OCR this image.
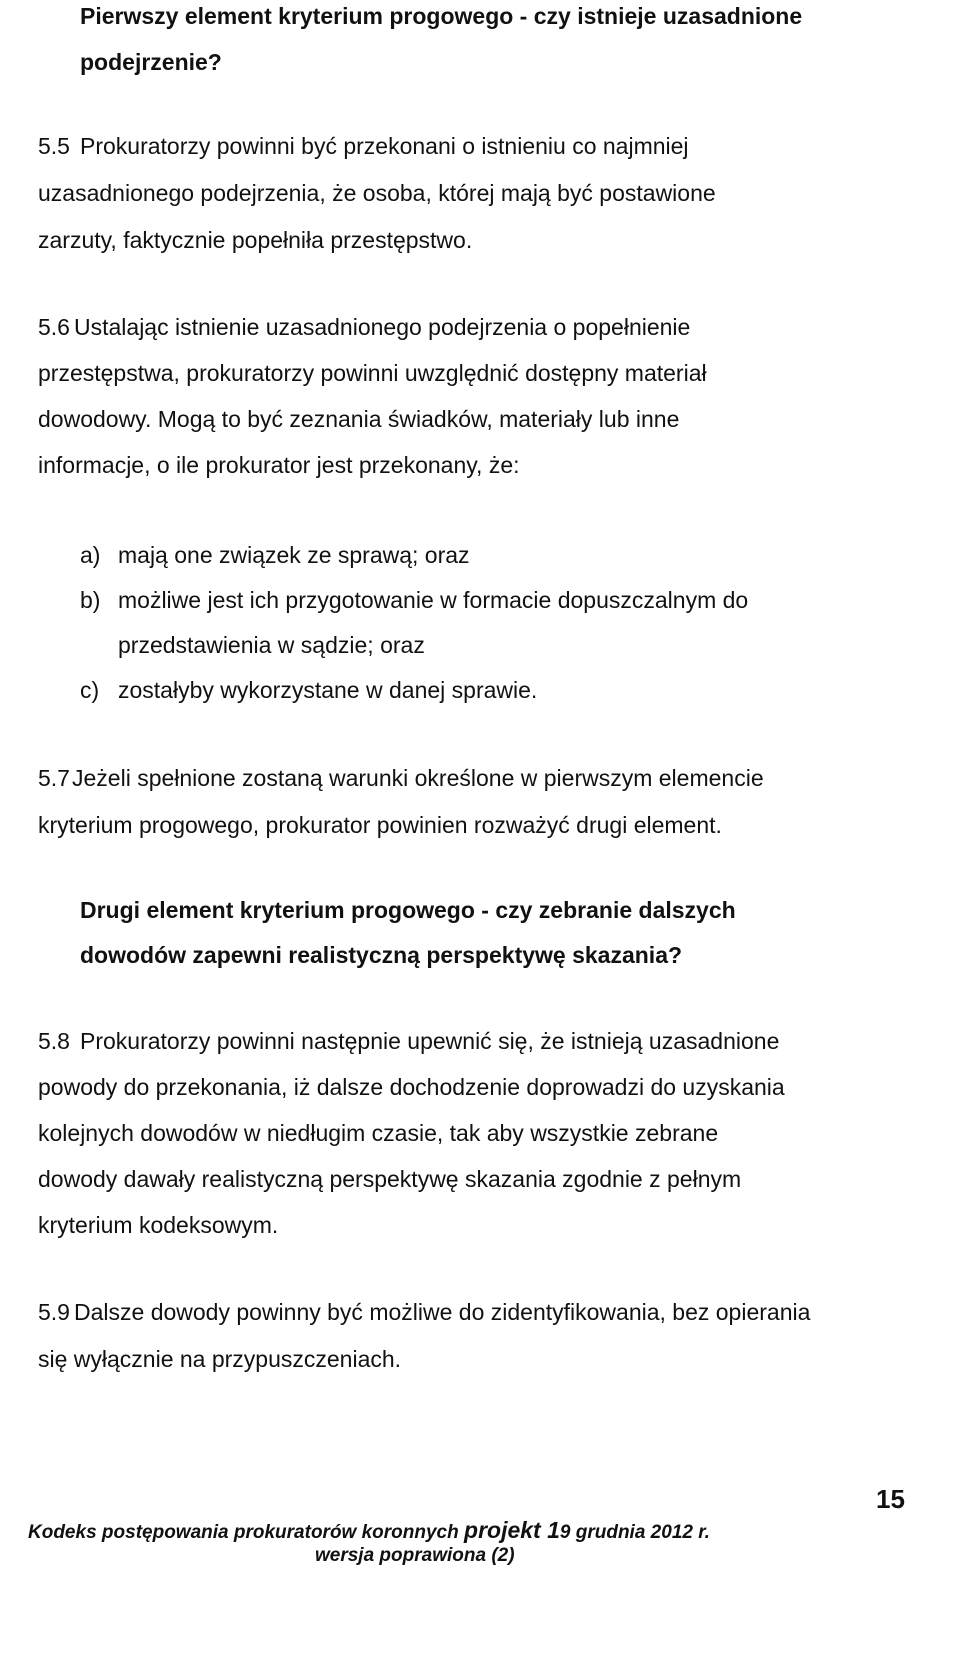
Pierwszy element kryterium progowego - czy istnieje uzasadnione
podejrzenie?
5.5 Prokuratorzy powinni być przekonani o istnieniu co najmniej
uzasadnionego podejrzenia, że osoba, której mają być postawione
zarzuty, faktycznie popełniła przestępstwo.
5.6 Ustalając istnienie uzasadnionego podejrzenia o popełnienie
przestępstwa, prokuratorzy powinni uwzględnić dostępny materiał
dowodowy. Mogą to być zeznania świadków, materiały lub inne
informacje, o ile prokurator jest przekonany, że:
a) mają one związek ze sprawą; oraz
b) możliwe jest ich przygotowanie w formacie dopuszczalnym do
przedstawienia w sądzie; oraz
c) zostałyby wykorzystane w danej sprawie.
5.7 Jeżeli spełnione zostaną warunki określone w pierwszym elemencie
kryterium progowego, prokurator powinien rozważyć drugi element.
Drugi element kryterium progowego - czy zebranie dalszych
dowodów zapewni realistyczną perspektywę skazania?
5.8 Prokuratorzy powinni następnie upewnić się, że istnieją uzasadnione
powody do przekonania, iż dalsze dochodzenie doprowadzi do uzyskania
kolejnych dowodów w niedługim czasie, tak aby wszystkie zebrane
dowody dawały realistyczną perspektywę skazania zgodnie z pełnym
kryterium kodeksowym.
5.9 Dalsze dowody powinny być możliwe do zidentyfikowania, bez opierania
się wyłącznie na przypuszczeniach.
15
Kodeks postępowania prokuratorów koronnych projekt 19 grudnia 2012 r.
wersja poprawiona (2)
